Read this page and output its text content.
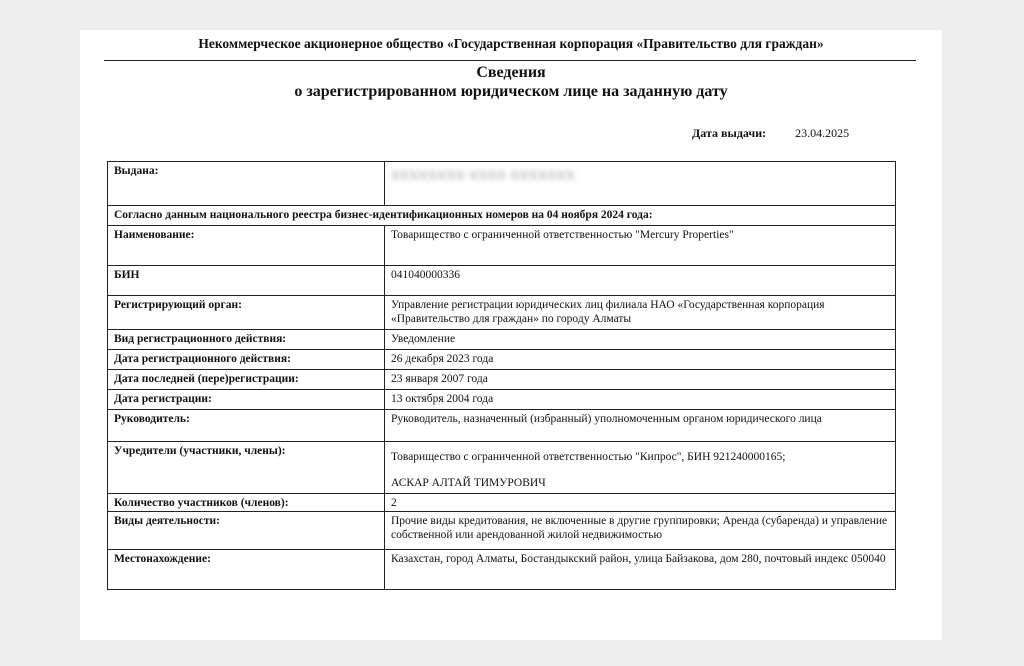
Некоммерческое акционерное общество «Государственная корпорация «Правительство для граждан»
Сведения
о зарегистрированном юридическом лице на заданную дату
Дата выдачи: 23.04.2025
Выдана:	XXXXXXXX XXXX XXXXXXX
Согласно данным национального реестра бизнес-идентификационных номеров на 04 ноября 2024 года:	
Наименование:	Товарищество с ограниченной ответственностью "Mercury Properties"
БИН	041040000336
Регистрирующий орган:	Управление регистрации юридических лиц филиала НАО «Государственная корпорация «Правительство для граждан» по городу Алматы
Вид регистрационного действия:	Уведомление
Дата регистрационного действия:	26 декабря 2023 года
Дата последней (пере)регистрации:	23 января 2007 года
Дата регистрации:	13 октября 2004 года
Руководитель:	Руководитель, назначенный (избранный) уполномоченным органом юридического лица
Учредители (участники, члены):	Товарищество с ограниченной ответственностью "Кипрос", БИН 921240000165;
АСКАР АЛТАЙ ТИМУРОВИЧ

Количество участников (членов):	2
Виды деятельности:	Прочие виды кредитования, не включенные в другие группировки; Аренда (субаренда) и управление собственной или арендованной жилой недвижимостью
Местонахождение:	Казахстан, город Алматы, Бостандыкский район, улица Байзакова, дом 280, почтовый индекс 050040
